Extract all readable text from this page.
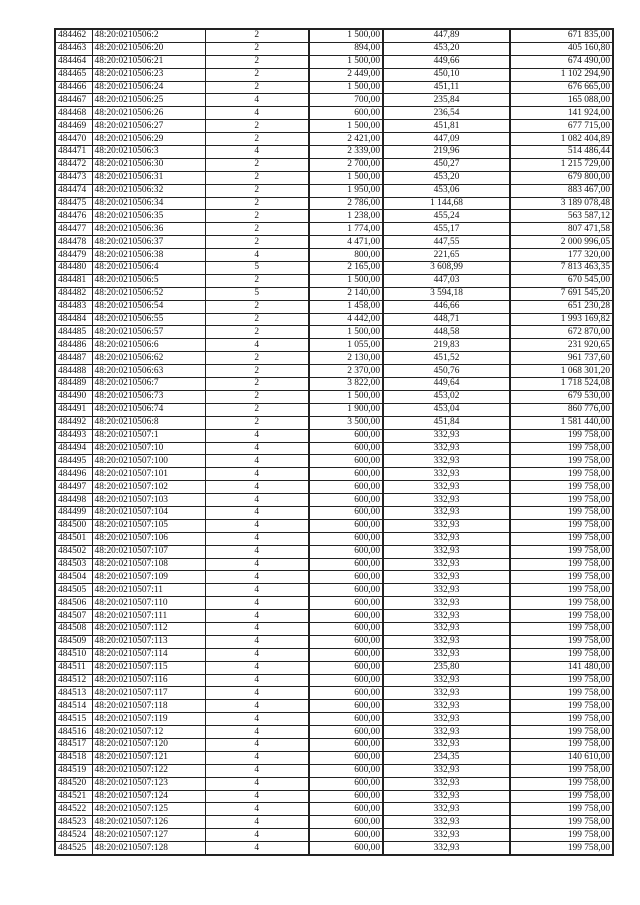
484462	48:20:0210506:2	2	1 500,00	447,89	671 835,00
484463	48:20:0210506:20	2	894,00	453,20	405 160,80
484464	48:20:0210506:21	2	1 500,00	449,66	674 490,00
484465	48:20:0210506:23	2	2 449,00	450,10	1 102 294,90
484466	48:20:0210506:24	2	1 500,00	451,11	676 665,00
484467	48:20:0210506:25	4	700,00	235,84	165 088,00
484468	48:20:0210506:26	4	600,00	236,54	141 924,00
484469	48:20:0210506:27	2	1 500,00	451,81	677 715,00
484470	48:20:0210506:29	2	2 421,00	447,09	1 082 404,89
484471	48:20:0210506:3	4	2 339,00	219,96	514 486,44
484472	48:20:0210506:30	2	2 700,00	450,27	1 215 729,00
484473	48:20:0210506:31	2	1 500,00	453,20	679 800,00
484474	48:20:0210506:32	2	1 950,00	453,06	883 467,00
484475	48:20:0210506:34	2	2 786,00	1 144,68	3 189 078,48
484476	48:20:0210506:35	2	1 238,00	455,24	563 587,12
484477	48:20:0210506:36	2	1 774,00	455,17	807 471,58
484478	48:20:0210506:37	2	4 471,00	447,55	2 000 996,05
484479	48:20:0210506:38	4	800,00	221,65	177 320,00
484480	48:20:0210506:4	5	2 165,00	3 608,99	7 813 463,35
484481	48:20:0210506:5	2	1 500,00	447,03	670 545,00
484482	48:20:0210506:52	5	2 140,00	3 594,18	7 691 545,20
484483	48:20:0210506:54	2	1 458,00	446,66	651 230,28
484484	48:20:0210506:55	2	4 442,00	448,71	1 993 169,82
484485	48:20:0210506:57	2	1 500,00	448,58	672 870,00
484486	48:20:0210506:6	4	1 055,00	219,83	231 920,65
484487	48:20:0210506:62	2	2 130,00	451,52	961 737,60
484488	48:20:0210506:63	2	2 370,00	450,76	1 068 301,20
484489	48:20:0210506:7	2	3 822,00	449,64	1 718 524,08
484490	48:20:0210506:73	2	1 500,00	453,02	679 530,00
484491	48:20:0210506:74	2	1 900,00	453,04	860 776,00
484492	48:20:0210506:8	2	3 500,00	451,84	1 581 440,00
484493	48:20:0210507:1	4	600,00	332,93	199 758,00
484494	48:20:0210507:10	4	600,00	332,93	199 758,00
484495	48:20:0210507:100	4	600,00	332,93	199 758,00
484496	48:20:0210507:101	4	600,00	332,93	199 758,00
484497	48:20:0210507:102	4	600,00	332,93	199 758,00
484498	48:20:0210507:103	4	600,00	332,93	199 758,00
484499	48:20:0210507:104	4	600,00	332,93	199 758,00
484500	48:20:0210507:105	4	600,00	332,93	199 758,00
484501	48:20:0210507:106	4	600,00	332,93	199 758,00
484502	48:20:0210507:107	4	600,00	332,93	199 758,00
484503	48:20:0210507:108	4	600,00	332,93	199 758,00
484504	48:20:0210507:109	4	600,00	332,93	199 758,00
484505	48:20:0210507:11	4	600,00	332,93	199 758,00
484506	48:20:0210507:110	4	600,00	332,93	199 758,00
484507	48:20:0210507:111	4	600,00	332,93	199 758,00
484508	48:20:0210507:112	4	600,00	332,93	199 758,00
484509	48:20:0210507:113	4	600,00	332,93	199 758,00
484510	48:20:0210507:114	4	600,00	332,93	199 758,00
484511	48:20:0210507:115	4	600,00	235,80	141 480,00
484512	48:20:0210507:116	4	600,00	332,93	199 758,00
484513	48:20:0210507:117	4	600,00	332,93	199 758,00
484514	48:20:0210507:118	4	600,00	332,93	199 758,00
484515	48:20:0210507:119	4	600,00	332,93	199 758,00
484516	48:20:0210507:12	4	600,00	332,93	199 758,00
484517	48:20:0210507:120	4	600,00	332,93	199 758,00
484518	48:20:0210507:121	4	600,00	234,35	140 610,00
484519	48:20:0210507:122	4	600,00	332,93	199 758,00
484520	48:20:0210507:123	4	600,00	332,93	199 758,00
484521	48:20:0210507:124	4	600,00	332,93	199 758,00
484522	48:20:0210507:125	4	600,00	332,93	199 758,00
484523	48:20:0210507:126	4	600,00	332,93	199 758,00
484524	48:20:0210507:127	4	600,00	332,93	199 758,00
484525	48:20:0210507:128	4	600,00	332,93	199 758,00
